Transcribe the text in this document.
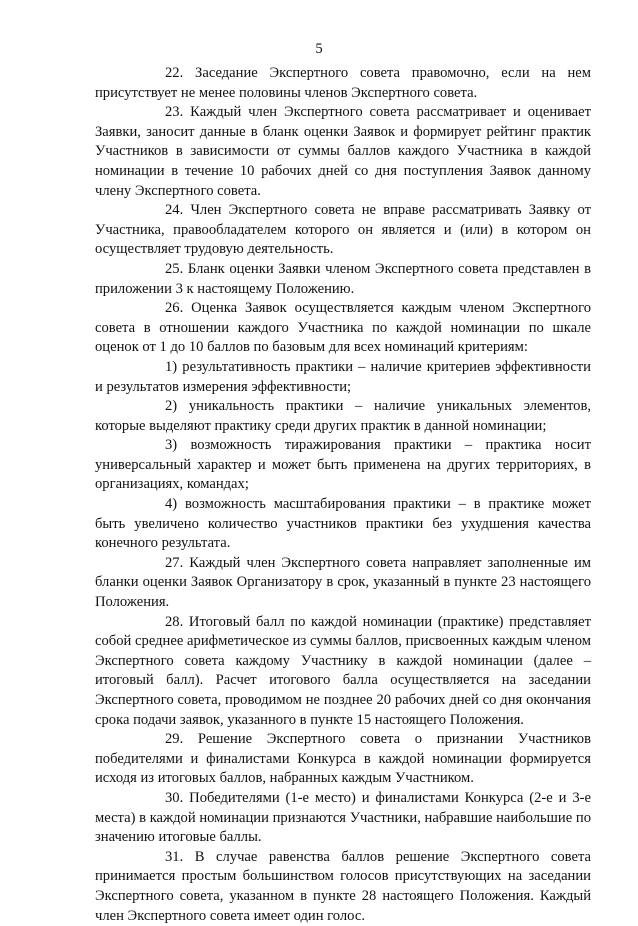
5

22. Заседание Экспертного совета правомочно, если на нем присутствует не менее половины членов Экспертного совета.

23. Каждый член Экспертного совета рассматривает и оценивает Заявки, заносит данные в бланк оценки Заявок и формирует рейтинг практик Участников в зависимости от суммы баллов каждого Участника в каждой номинации в течение 10 рабочих дней со дня поступления Заявок данному члену Экспертного совета.

24. Член Экспертного совета не вправе рассматривать Заявку от Участника, правообладателем которого он является и (или) в котором он осуществляет трудовую деятельность.

25. Бланк оценки Заявки членом Экспертного совета представлен в приложении 3 к настоящему Положению.

26. Оценка Заявок осуществляется каждым членом Экспертного совета в отношении каждого Участника по каждой номинации по шкале оценок от 1 до 10 баллов по базовым для всех номинаций критериям:

1) результативность практики – наличие критериев эффективности и результатов измерения эффективности;

2) уникальность практики – наличие уникальных элементов, которые выделяют практику среди других практик в данной номинации;

3) возможность тиражирования практики – практика носит универсальный характер и может быть применена на других территориях, в организациях, командах;

4) возможность масштабирования практики – в практике может быть увеличено количество участников практики без ухудшения качества конечного результата.

27. Каждый член Экспертного совета направляет заполненные им бланки оценки Заявок Организатору в срок, указанный в пункте 23 настоящего Положения.

28. Итоговый балл по каждой номинации (практике) представляет собой среднее арифметическое из суммы баллов, присвоенных каждым членом Экспертного совета каждому Участнику в каждой номинации (далее – итоговый балл). Расчет итогового балла осуществляется на заседании Экспертного совета, проводимом не позднее 20 рабочих дней со дня окончания срока подачи заявок, указанного в пункте 15 настоящего Положения.

29. Решение Экспертного совета о признании Участников победителями и финалистами Конкурса в каждой номинации формируется исходя из итоговых баллов, набранных каждым Участником.

30. Победителями (1-е место) и финалистами Конкурса (2-е и 3-е места) в каждой номинации признаются Участники, набравшие наибольшие по значению итоговые баллы.

31. В случае равенства баллов решение Экспертного совета принимается простым большинством голосов присутствующих на заседании Экспертного совета, указанном в пункте 28 настоящего Положения. Каждый член Экспертного совета имеет один голос.
